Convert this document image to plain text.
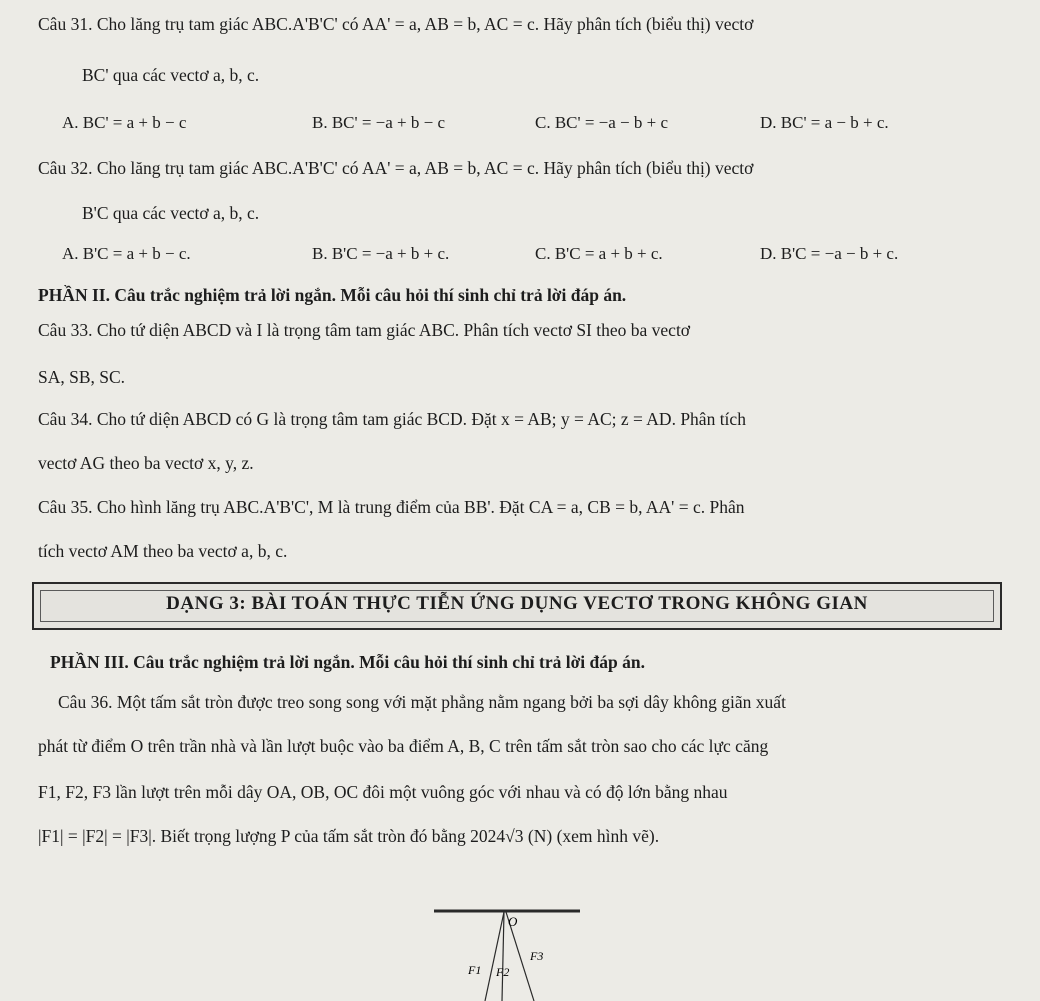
Câu 31. Cho lăng trụ tam giác ABC.A'B'C' có AA' = a, AB = b, AC = c. Hãy phân tích (biểu thị) vectơ
BC' qua các vectơ a, b, c.
A. BC' = a + b − c	B. BC' = −a + b − c	C. BC' = −a − b + c	D. BC' = a − b + c.
Câu 32. Cho lăng trụ tam giác ABC.A'B'C' có AA' = a, AB = b, AC = c. Hãy phân tích (biểu thị) vectơ
B'C qua các vectơ a, b, c.
A. B'C = a + b − c.	B. B'C = −a + b + c.	C. B'C = a + b + c.	D. B'C = −a − b + c.
PHẦN II. Câu trắc nghiệm trả lời ngắn. Mỗi câu hỏi thí sinh chỉ trả lời đáp án.
Câu 33. Cho tứ diện ABCD và I là trọng tâm tam giác ABC. Phân tích vectơ SI theo ba vectơ
SA, SB, SC.
Câu 34. Cho tứ diện ABCD có G là trọng tâm tam giác BCD. Đặt x = AB; y = AC; z = AD. Phân tích
vectơ AG theo ba vectơ x, y, z.
Câu 35. Cho hình lăng trụ ABC.A'B'C', M là trung điểm của BB'. Đặt CA = a, CB = b, AA' = c. Phân
tích vectơ AM theo ba vectơ a, b, c.
DẠNG 3: BÀI TOÁN THỰC TIỄN ỨNG DỤNG VECTƠ TRONG KHÔNG GIAN
PHẦN III. Câu trắc nghiệm trả lời ngắn. Mỗi câu hỏi thí sinh chỉ trả lời đáp án.
Câu 36. Một tấm sắt tròn được treo song song với mặt phẳng nằm ngang bởi ba sợi dây không giãn xuất
phát từ điểm O trên trần nhà và lần lượt buộc vào ba điểm A, B, C trên tấm sắt tròn sao cho các lực căng
F1, F2, F3 lần lượt trên mỗi dây OA, OB, OC đôi một vuông góc với nhau và có độ lớn bằng nhau
|F1| = |F2| = |F3|. Biết trọng lượng P của tấm sắt tròn đó bằng 2024√3 (N) (xem hình vẽ).
O
F1 F2
F3
